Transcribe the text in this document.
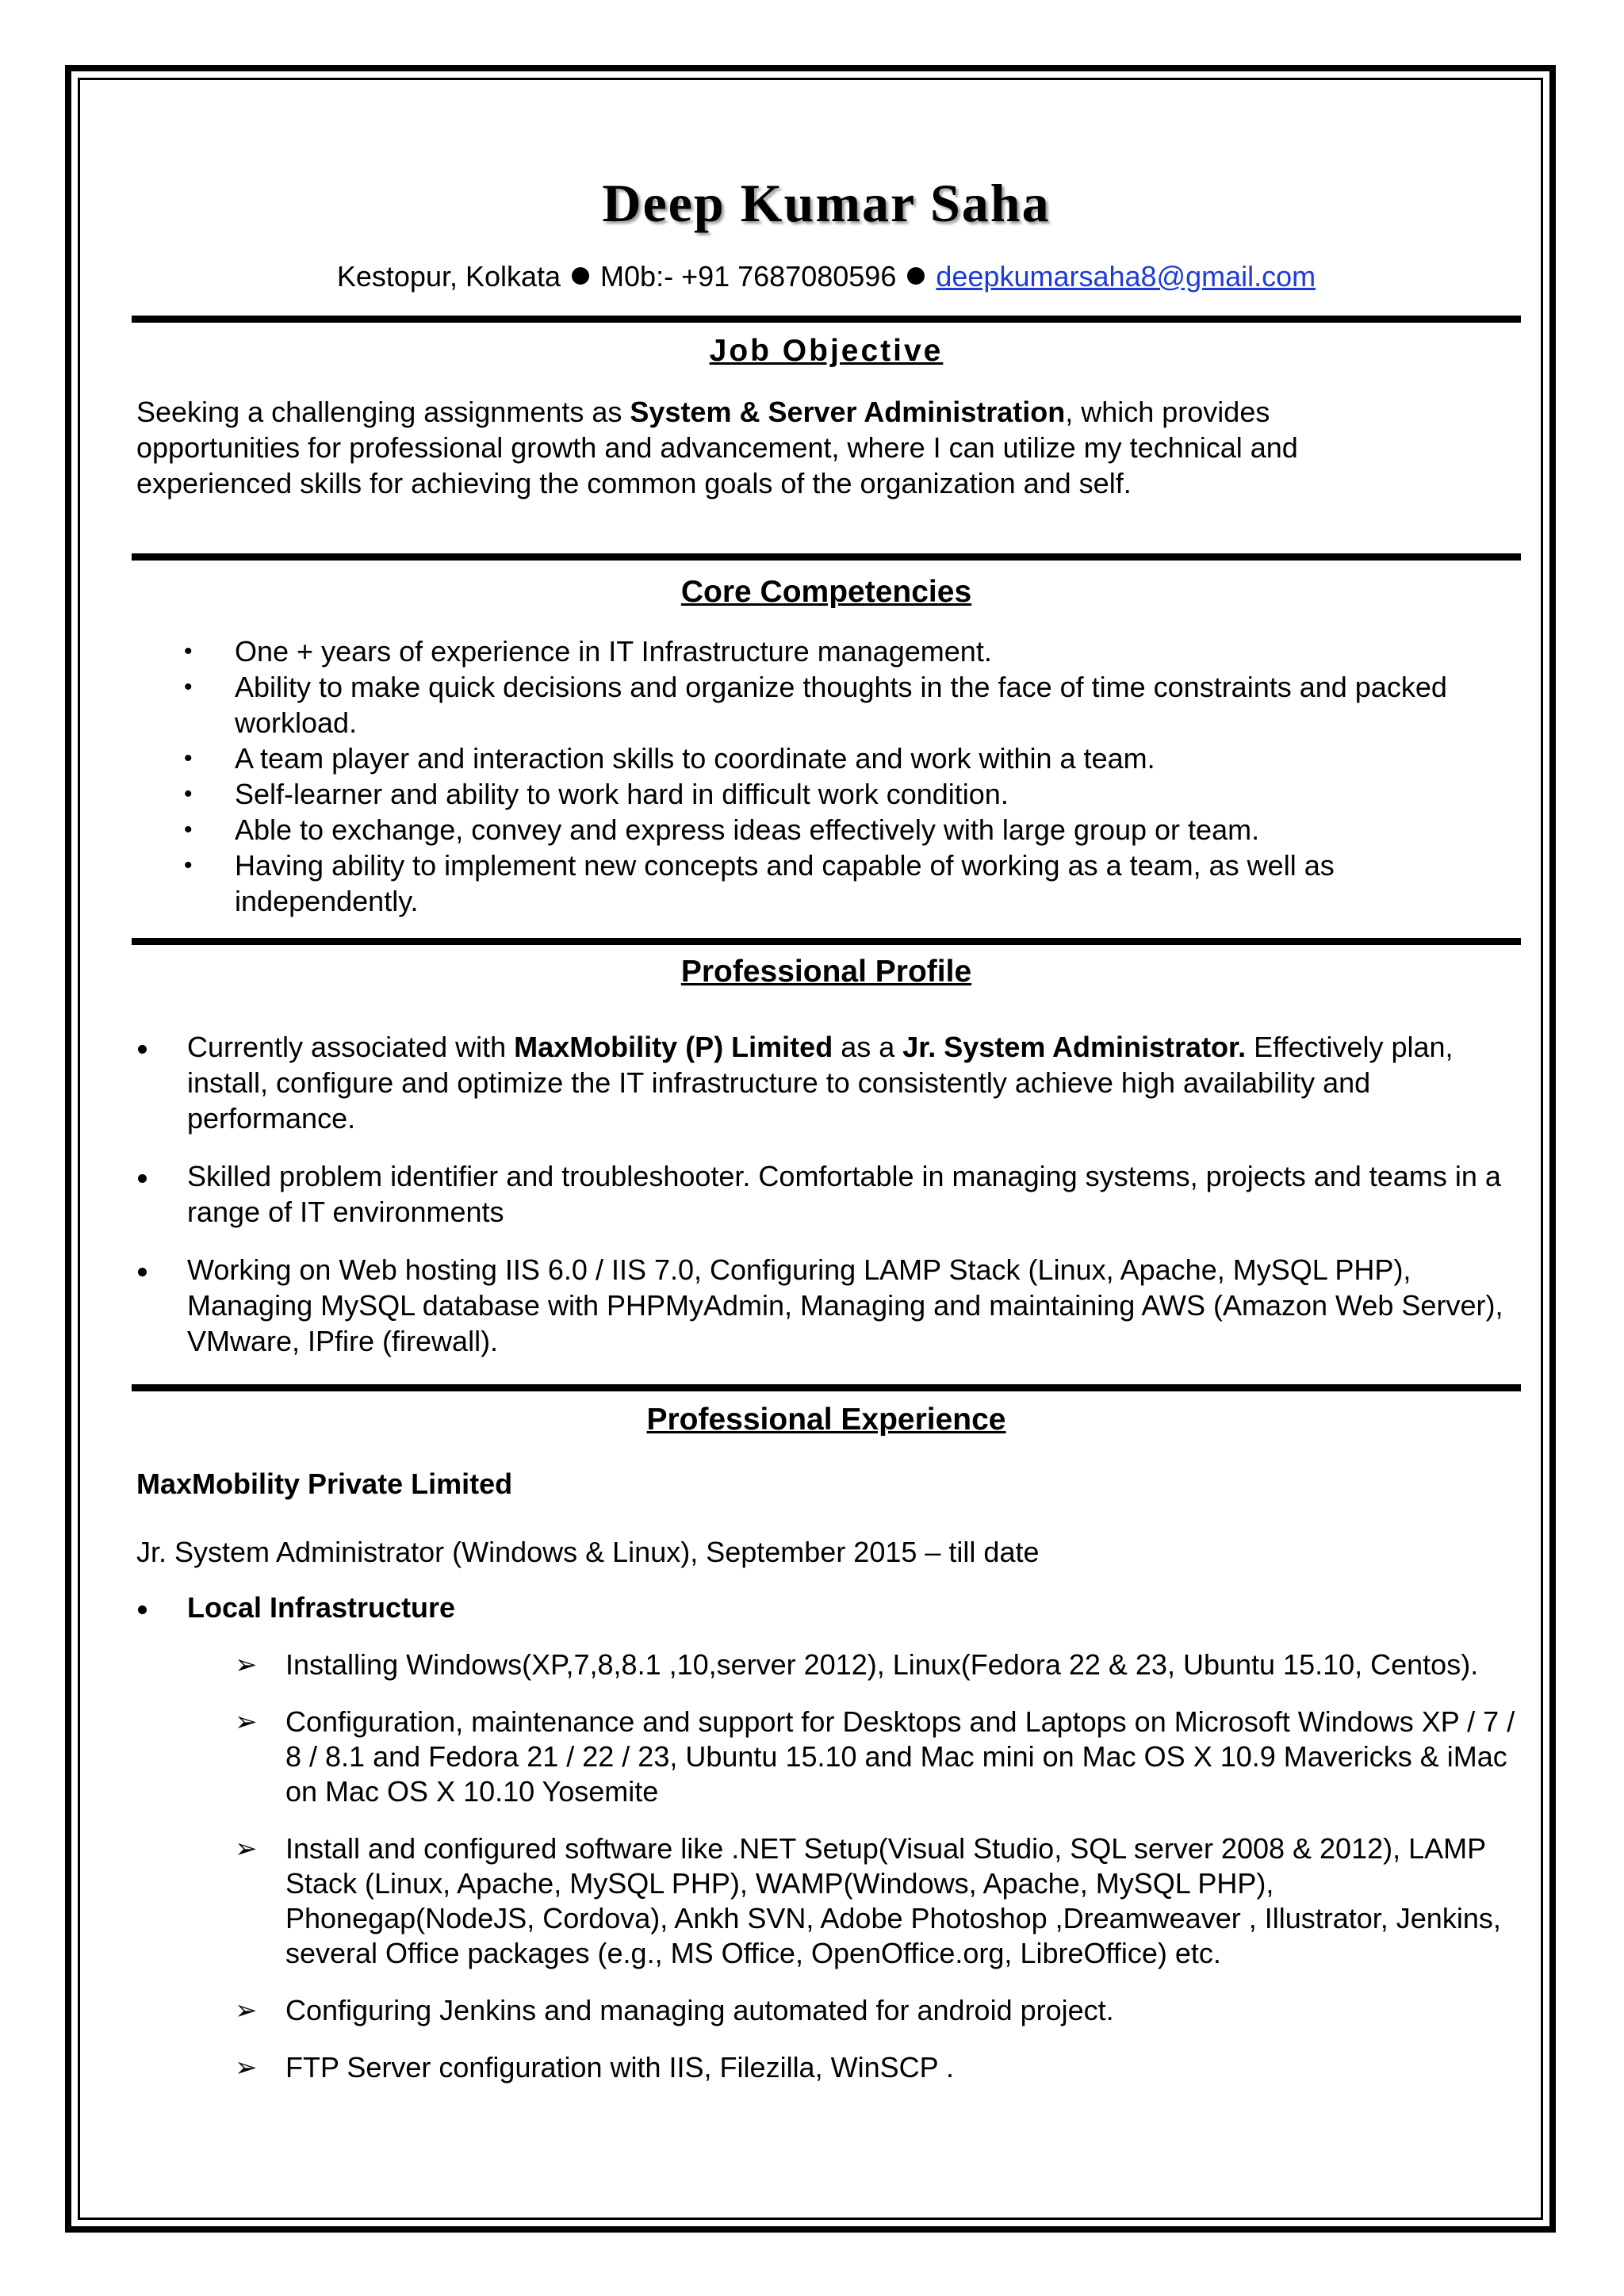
Deep Kumar Saha
Kestopur, Kolkata M0b:- +91 7687080596 deepkumarsaha8@gmail.com
Job Objective

Seeking a challenging assignments as System & Server Administration, which provides
opportunities for professional growth and advancement, where I can utilize my technical and
experienced skills for achieving the common goals of the organization and self.

Core Competencies
• One + years of experience in IT Infrastructure management.
• Ability to make quick decisions and organize thoughts in the face of time constraints and packed workload.
• A team player and interaction skills to coordinate and work within a team.
• Self-learner and ability to work hard in difficult work condition.
• Able to exchange, convey and express ideas effectively with large group or team.
• Having ability to implement new concepts and capable of working as a team, as well as independently.
Professional Profile
Currently associated with MaxMobility (P) Limited as a Jr. System Administrator. Effectively plan, install, configure and optimize the IT infrastructure to consistently achieve high availability and performance.
Skilled problem identifier and troubleshooter. Comfortable in managing systems, projects and teams in a range of IT environments
Working on Web hosting IIS 6.0 / IIS 7.0, Configuring LAMP Stack (Linux, Apache, MySQL PHP), Managing MySQL database with PHPMyAdmin, Managing and maintaining AWS (Amazon Web Server), VMware, IPfire (firewall).
Professional Experience
MaxMobility Private Limited
Jr. System Administrator (Windows & Linux), September 2015 – till date
Local Infrastructure
➢ Installing Windows(XP,7,8,8.1 ,10,server 2012), Linux(Fedora 22 & 23, Ubuntu 15.10, Centos).
➢ Configuration, maintenance and support for Desktops and Laptops on Microsoft Windows XP / 7 / 8 / 8.1 and Fedora 21 / 22 / 23, Ubuntu 15.10 and Mac mini on Mac OS X 10.9 Mavericks & iMac on Mac OS X 10.10 Yosemite
➢ Install and configured software like .NET Setup(Visual Studio, SQL server 2008 & 2012), LAMP Stack (Linux, Apache, MySQL PHP), WAMP(Windows, Apache, MySQL PHP), Phonegap(NodeJS, Cordova), Ankh SVN, Adobe Photoshop ,Dreamweaver , Illustrator, Jenkins, several Office packages (e.g., MS Office, OpenOffice.org, LibreOffice) etc.
➢ Configuring Jenkins and managing automated for android project.
➢ FTP Server configuration with IIS, Filezilla, WinSCP .
